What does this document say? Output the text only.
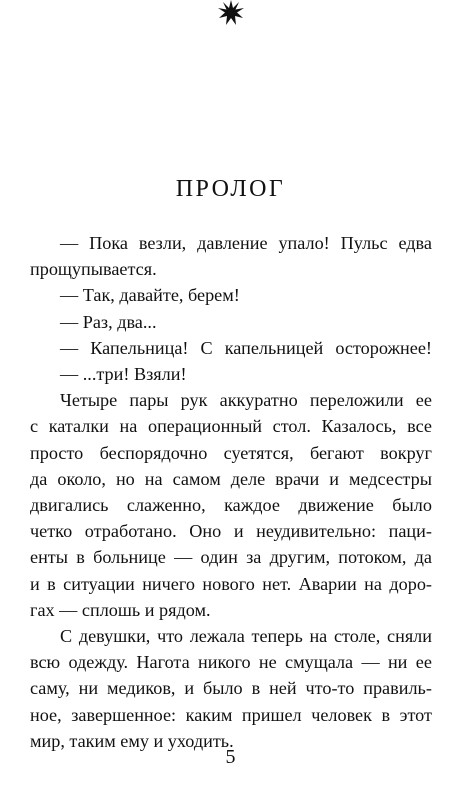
ПРОЛОГ
— Пока везли, давление упало! Пульс едва
прощупывается.
— Так, давайте, берем!
— Раз, два...
— Капельница! С капельницей осторожнее!
— ...три! Взяли!
Четыре пары рук аккуратно переложили ее
с каталки на операционный стол. Казалось, все
просто беспорядочно суетятся, бегают вокруг
да около, но на самом деле врачи и медсестры
двигались слаженно, каждое движение было
четко отработано. Оно и неудивительно: паци-
енты в больнице — один за другим, потоком, да
и в ситуации ничего нового нет. Аварии на доро-
гах — сплошь и рядом.
С девушки, что лежала теперь на столе, сняли
всю одежду. Нагота никого не смущала — ни ее
саму, ни медиков, и было в ней что-то правиль-
ное, завершенное: каким пришел человек в этот
мир, таким ему и уходить.
5
